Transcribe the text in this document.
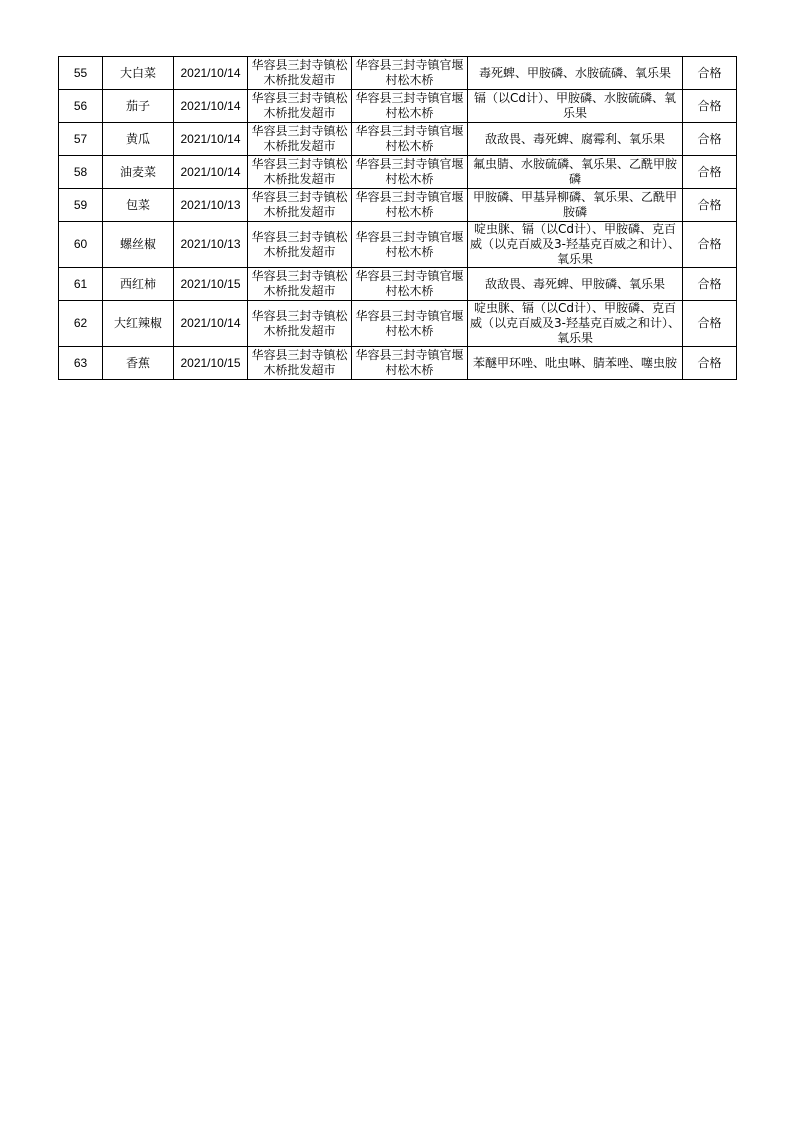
55	大白菜	2021/10/14	华容县三封寺镇松木桥批发超市	华容县三封寺镇官堰村松木桥	毒死蜱、甲胺磷、水胺硫磷、氧乐果	合格
56	茄子	2021/10/14	华容县三封寺镇松木桥批发超市	华容县三封寺镇官堰村松木桥	镉（以Cd计）、甲胺磷、水胺硫磷、氧乐果	合格
57	黄瓜	2021/10/14	华容县三封寺镇松木桥批发超市	华容县三封寺镇官堰村松木桥	敌敌畏、毒死蜱、腐霉利、氧乐果	合格
58	油麦菜	2021/10/14	华容县三封寺镇松木桥批发超市	华容县三封寺镇官堰村松木桥	氟虫腈、水胺硫磷、氧乐果、乙酰甲胺磷	合格
59	包菜	2021/10/13	华容县三封寺镇松木桥批发超市	华容县三封寺镇官堰村松木桥	甲胺磷、甲基异柳磷、氧乐果、乙酰甲胺磷	合格
60	螺丝椒	2021/10/13	华容县三封寺镇松木桥批发超市	华容县三封寺镇官堰村松木桥	啶虫脒、镉（以Cd计）、甲胺磷、克百威（以克百威及3-羟基克百威之和计）、氧乐果	合格
61	西红柿	2021/10/15	华容县三封寺镇松木桥批发超市	华容县三封寺镇官堰村松木桥	敌敌畏、毒死蜱、甲胺磷、氧乐果	合格
62	大红辣椒	2021/10/14	华容县三封寺镇松木桥批发超市	华容县三封寺镇官堰村松木桥	啶虫脒、镉（以Cd计）、甲胺磷、克百威（以克百威及3-羟基克百威之和计）、氧乐果	合格
63	香蕉	2021/10/15	华容县三封寺镇松木桥批发超市	华容县三封寺镇官堰村松木桥	苯醚甲环唑、吡虫啉、腈苯唑、噻虫胺	合格
